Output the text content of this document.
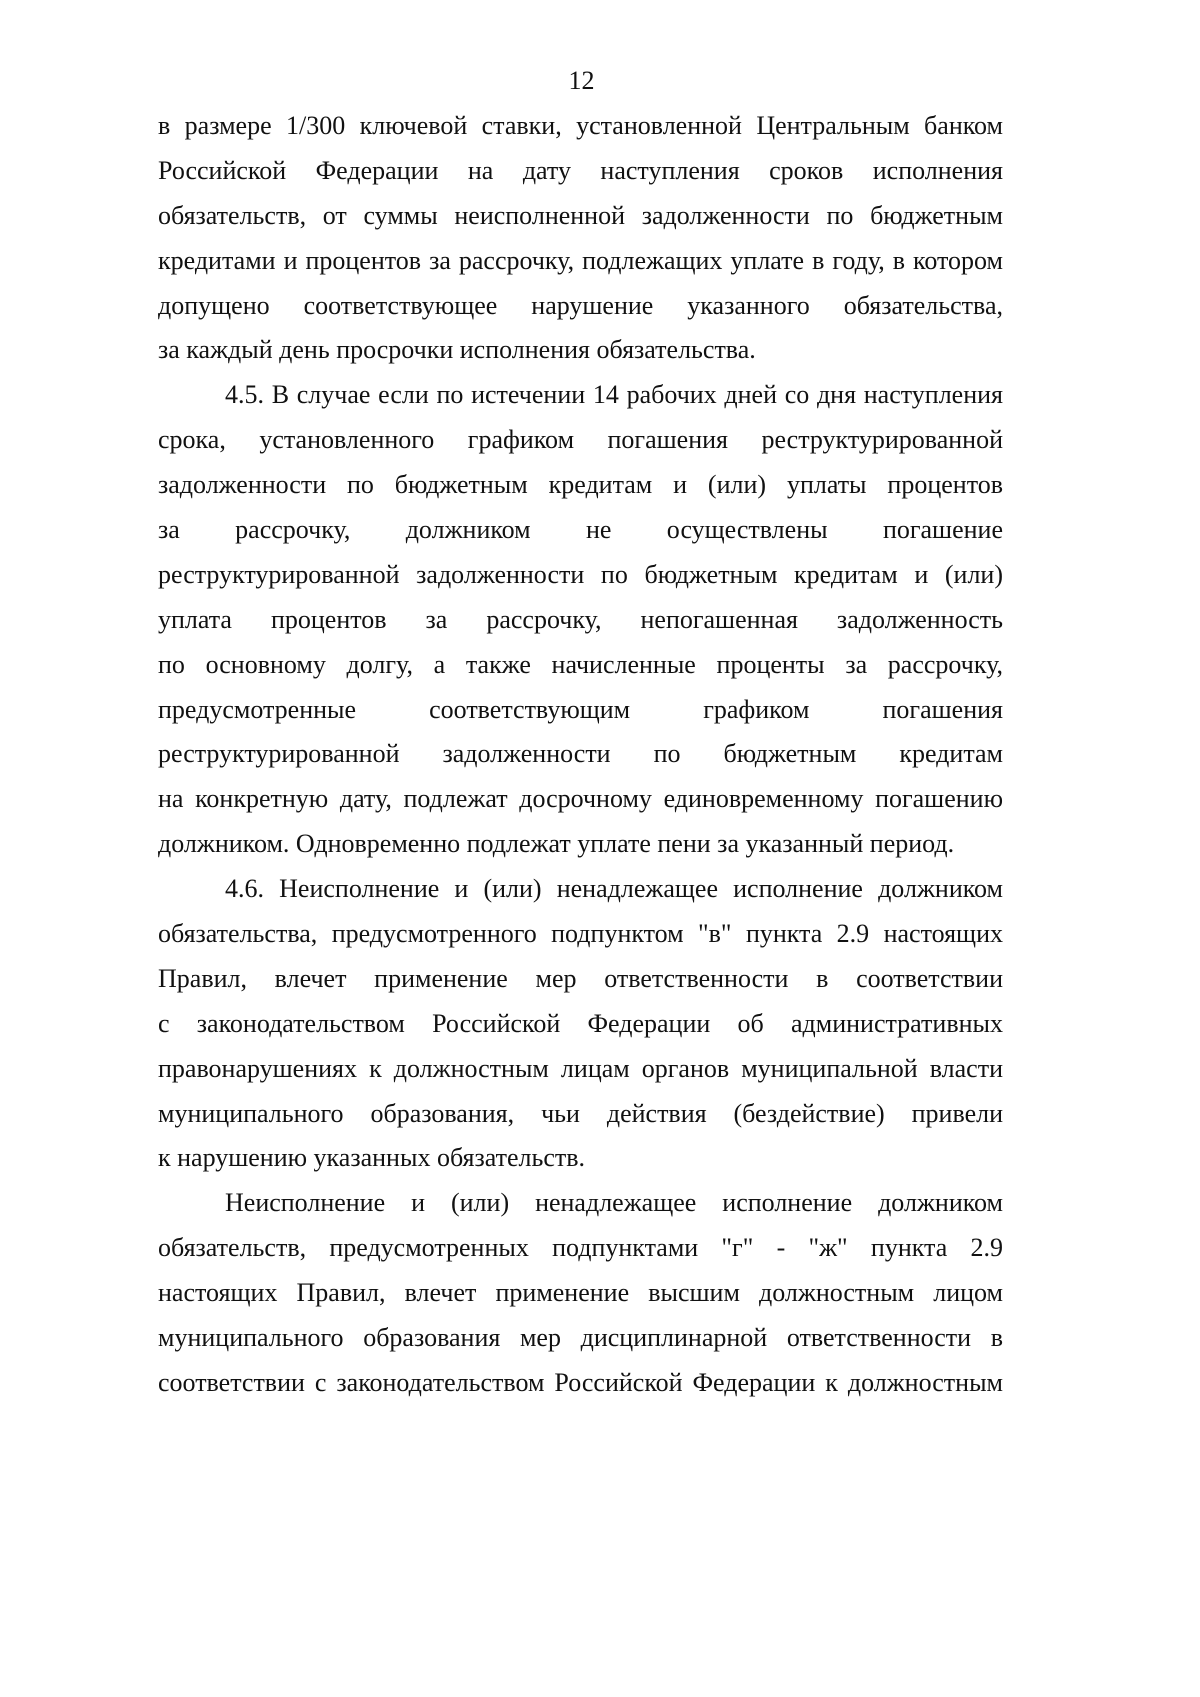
12
в размере 1/300 ключевой ставки, установленной Центральным банком
Российской Федерации на дату наступления сроков исполнения
обязательств, от суммы неисполненной задолженности по бюджетным
кредитами и процентов за рассрочку, подлежащих уплате в году, в котором
допущено соответствующее нарушение указанного обязательства,
за каждый день просрочки исполнения обязательства.
4.5. В случае если по истечении 14 рабочих дней со дня наступления
срока, установленного графиком погашения реструктурированной
задолженности по бюджетным кредитам и (или) уплаты процентов
за рассрочку, должником не осуществлены погашение
реструктурированной задолженности по бюджетным кредитам и (или)
уплата процентов за рассрочку, непогашенная задолженность
по основному долгу, а также начисленные проценты за рассрочку,
предусмотренные соответствующим графиком погашения
реструктурированной задолженности по бюджетным кредитам
на конкретную дату, подлежат досрочному единовременному погашению
должником. Одновременно подлежат уплате пени за указанный период.
4.6. Неисполнение и (или) ненадлежащее исполнение должником
обязательства, предусмотренного подпунктом "в" пункта 2.9 настоящих
Правил, влечет применение мер ответственности в соответствии
с законодательством Российской Федерации об административных
правонарушениях к должностным лицам органов муниципальной власти
муниципального образования, чьи действия (бездействие) привели
к нарушению указанных обязательств.
Неисполнение и (или) ненадлежащее исполнение должником
обязательств, предусмотренных подпунктами "г" - "ж" пункта 2.9
настоящих Правил, влечет применение высшим должностным лицом
муниципального образования мер дисциплинарной ответственности в
соответствии с законодательством Российской Федерации к должностным
